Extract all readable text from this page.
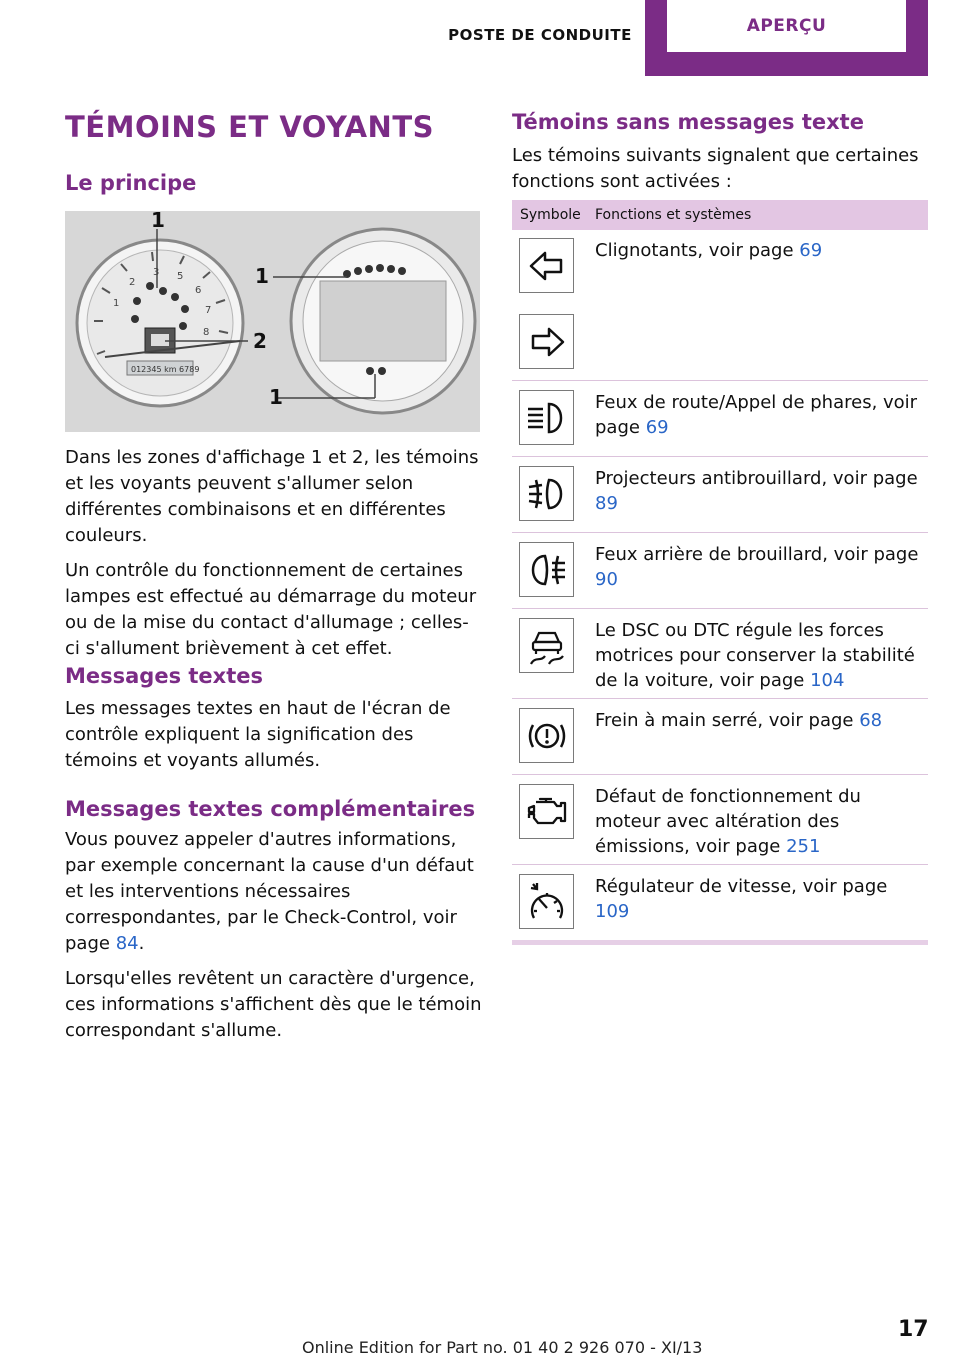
POSTE DE CONDUITE	APERÇU
TÉMOINS ET VOYANTS
Le principe
1
2
3 5
6
7
8
012345 km 6789
1
1
2
1

Dans les zones d'affichage 1 et 2, les témoins et les voyants peuvent s'allumer selon différentes combinaisons et en différentes couleurs.

Un contrôle du fonctionnement de certaines lampes est effectué au démarrage du moteur ou de la mise du contact d'allumage ; celles-ci s'allument brièvement à cet effet.

Messages textes
Les messages textes en haut de l'écran de contrôle expliquent la signification des témoins et voyants allumés.
Messages textes complémentaires

Vous pouvez appeler d'autres informations, par exemple concernant la cause d'un défaut et les interventions nécessaires correspondantes, par le Check-Control, voir page 84.

Lorsqu'elles revêtent un caractère d'urgence, ces informations s'affichent dès que le témoin correspondant s'allume.

Témoins sans messages texte
Les témoins suivants signalent que certaines fonctions sont activées :
Symbole Fonctions et systèmes
Clignotants, voir page 69
Feux de route/Appel de phares, voir page 69
Projecteurs antibrouillard, voir page 89
Feux arrière de brouillard, voir page 90
Le DSC ou DTC régule les forces motrices pour conserver la stabilité de la voiture, voir page 104
Frein à main serré, voir page 68
Défaut de fonctionnement du moteur avec altération des émissions, voir page 251
Régulateur de vitesse, voir page 109
17
Online Edition for Part no. 01 40 2 926 070 - XI/13
